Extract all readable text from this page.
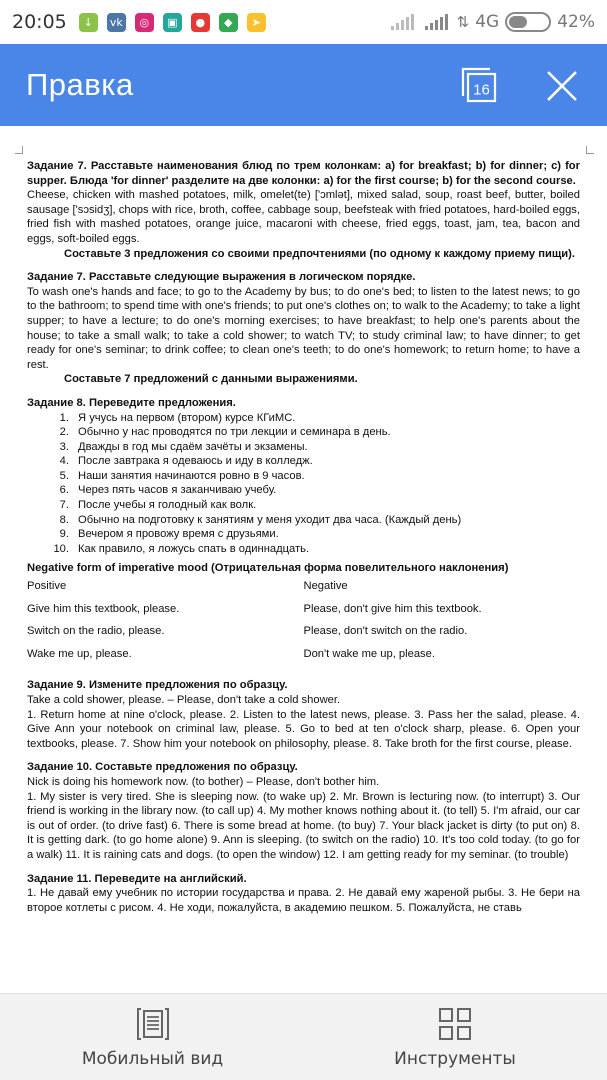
20:05	↓	vk	◎	▣	●	◆	➤	⇅ 4G	42%
Правка	16

Задание 7. Расставьте наименования блюд по трем колонкам: а) for breakfast; b) for dinner; c) for supper. Блюда 'for dinner' разделите на две колонки: а) for the first course; b) for the second course.

Cheese, chicken with mashed potatoes, milk, omelet(te) ['ɔmlət], mixed salad, soup, roast beef, butter, boiled sausage ['sɔsidʒ], chops with rice, broth, coffee, cabbage soup, beefsteak with fried potatoes, hard-boiled eggs, fried fish with mashed potatoes, orange juice, macaroni with cheese, fried eggs, toast, jam, tea, bacon and eggs, soft-boiled eggs.

Составьте 3 предложения со своими предпочтениями (по одному к каждому приему пищи).

Задание 7. Расставьте следующие выражения в логическом порядке.

To wash one's hands and face; to go to the Academy by bus; to do one's bed; to listen to the latest news; to go to the bathroom; to spend time with one's friends; to put one's clothes on; to walk to the Academy; to take a light supper; to have a lecture; to do one's morning exercises; to have breakfast; to help one's parents about the house; to take a small walk; to take a cold shower; to watch TV; to study criminal law; to have dinner; to get ready for one's seminar; to drink coffee; to clean one's teeth; to do one's homework; to return home; to have a rest.

Составьте 7 предложений с данными выражениями.

Задание 8. Переведите предложения.

1. Я учусь на первом (втором) курсе КГиМС.
2. Обычно у нас проводятся по три лекции и семинара в день.
3. Дважды в год мы сдаём зачёты и экзамены.
4. После завтрака я одеваюсь и иду в колледж.
5. Наши занятия начинаются ровно в 9 часов.
6. Через пять часов я заканчиваю учебу.
7. После учебы я голодный как волк.
8. Обычно на подготовку к занятиям у меня уходит два часа. (Каждый день)
9. Вечером я провожу время с друзьями.
10. Как правило, я ложусь спать в одиннадцать.

Negative form of imperative mood (Отрицательная форма повелительного наклонения)

Positive	Negative
Give him this textbook, please.	Please, don't give him this textbook.
Switch on the radio, please.	Please, don't switch on the radio.
Wake me up, please.	Don't wake me up, please.

Задание 9. Измените предложения по образцу.

Take a cold shower, please. – Please, don't take a cold shower.

1. Return home at nine o'clock, please. 2. Listen to the latest news, please. 3. Pass her the salad, please. 4. Give Ann your notebook on criminal law, please. 5. Go to bed at ten o'clock sharp, please. 6. Open your textbooks, please. 7. Show him your notebook on philosophy, please. 8. Take broth for the first course, please.

Задание 10. Составьте предложения по образцу.

Nick is doing his homework now. (to bother) – Please, don't bother him.

1. My sister is very tired. She is sleeping now. (to wake up) 2. Mr. Brown is lecturing now. (to interrupt) 3. Our friend is working in the library now. (to call up) 4. My mother knows nothing about it. (to tell) 5. I'm afraid, our car is out of order. (to drive fast) 6. There is some bread at home. (to buy) 7. Your black jacket is dirty (to put on) 8. It is getting dark. (to go home alone) 9. Ann is sleeping. (to switch on the radio) 10. It's too cold today. (to go for a walk) 11. It is raining cats and dogs. (to open the window) 12. I am getting ready for my seminar. (to trouble)

Задание 11. Переведите на английский.

1. Не давай ему учебник по истории государства и права. 2. Не давай ему жареной рыбы. 3. Не бери на второе котлеты с рисом. 4. Не ходи, пожалуйста, в академию пешком. 5. Пожалуйста, не ставь

Мобильный вид	Инструменты
